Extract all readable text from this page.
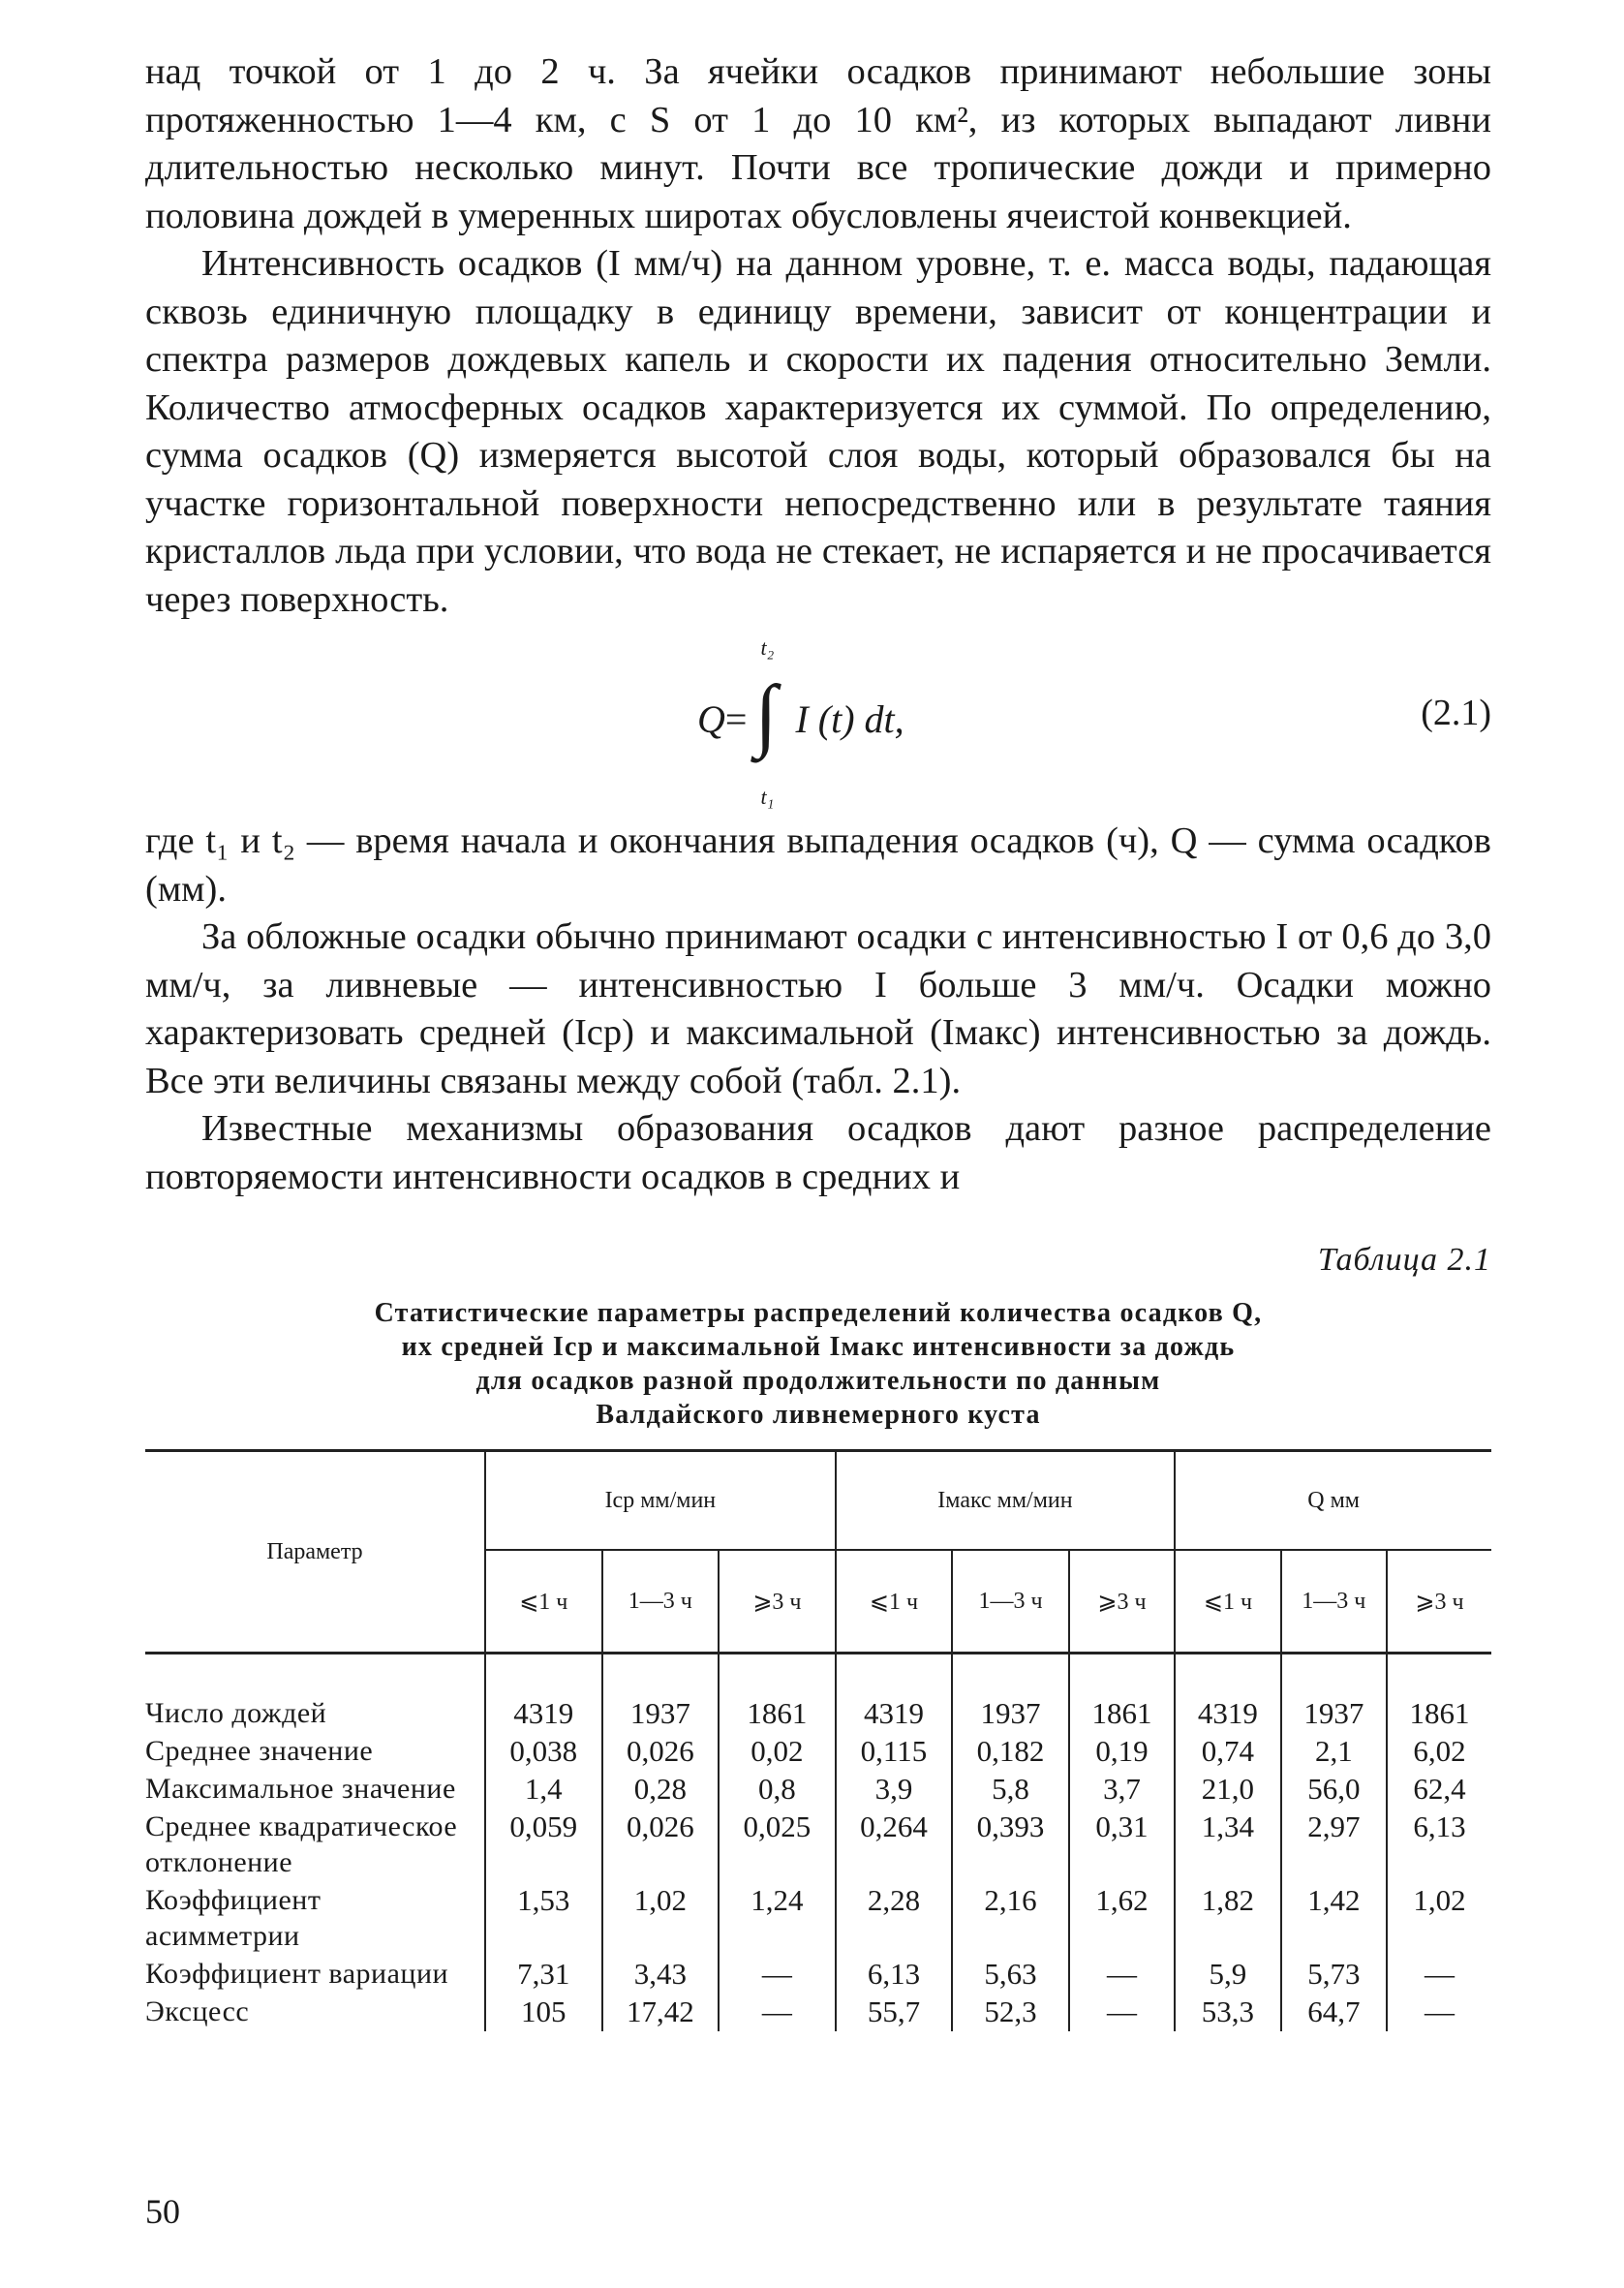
над точкой от 1 до 2 ч. За ячейки осадков принимают небольшие зоны протяженностью 1—4 км, с S от 1 до 10 км², из которых выпадают ливни длительностью несколько минут. Почти все тропические дожди и примерно половина дождей в умеренных широтах обусловлены ячеистой конвекцией.

Интенсивность осадков (I мм/ч) на данном уровне, т. е. масса воды, падающая сквозь единичную площадку в единицу времени, зависит от концентрации и спектра размеров дождевых капель и скорости их падения относительно Земли. Количество атмосферных осадков характеризуется их суммой. По определению, сумма осадков (Q) измеряется высотой слоя воды, который образовался бы на участке горизонтальной поверхности непосредственно или в результате таяния кристаллов льда при условии, что вода не стекает, не испаряется и не просачивается через поверхность.

Q=
t₂
∫
t₁
I (t) dt,	(2.1)

где t₁ и t₂ — время начала и окончания выпадения осадков (ч), Q — сумма осадков (мм).

За обложные осадки обычно принимают осадки с интенсивностью I от 0,6 до 3,0 мм/ч, за ливневые — интенсивностью I больше 3 мм/ч. Осадки можно характеризовать средней (Iср) и максимальной (Iмакс) интенсивностью за дождь. Все эти величины связаны между собой (табл. 2.1).

Известные механизмы образования осадков дают разное распределение повторяемости интенсивности осадков в средних и

Таблица 2.1
Статистические параметры распределений количества осадков Q,
их средней Iср и максимальной Iмакс интенсивности за дождь
для осадков разной продолжительности по данным
Валдайского ливнемерного куста
Параметр	Iср мм/мин			Iмакс мм/мин			Q мм		
	⩽1 ч	1—3 ч	⩾3 ч	⩽1 ч	1—3 ч	⩾3 ч	⩽1 ч	1—3 ч	⩾3 ч
Число дождей	4319	1937	1861	4319	1937	1861	4319	1937	1861
Среднее значение	0,038	0,026	0,02	0,115	0,182	0,19	0,74	2,1	6,02
Максимальное значение	1,4	0,28	0,8	3,9	5,8	3,7	21,0	56,0	62,4
Среднее квадратическое отклонение	0,059	0,026	0,025	0,264	0,393	0,31	1,34	2,97	6,13
Коэффициент асимметрии	1,53	1,02	1,24	2,28	2,16	1,62	1,82	1,42	1,02
Коэффициент вариации	7,31	3,43	—	6,13	5,63	—	5,9	5,73	—
Эксцесс	105	17,42	—	55,7	52,3	—	53,3	64,7	—
50
